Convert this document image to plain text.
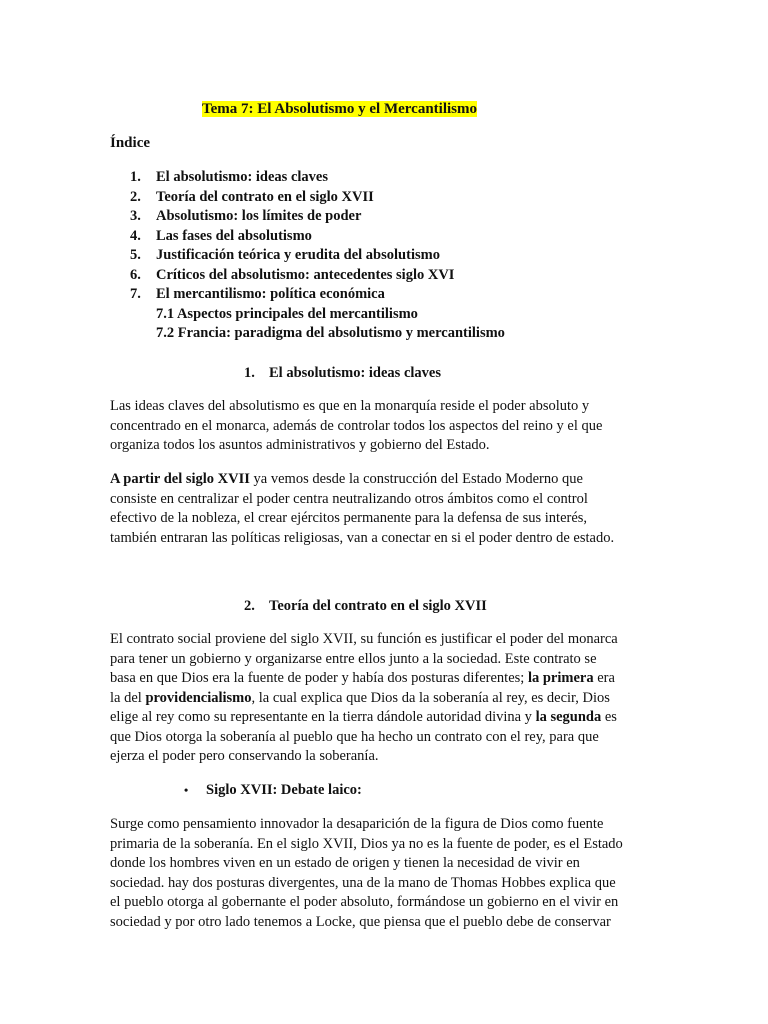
Tema 7: El Absolutismo y el Mercantilismo
Índice
1.	El absolutismo: ideas claves
2.	Teoría del contrato en el siglo XVII
3.	Absolutismo: los límites de poder
4.	Las fases del absolutismo
5.	Justificación teórica y erudita del absolutismo
6.	Críticos del absolutismo: antecedentes siglo XVI
7.	El mercantilismo: política económica
7.1 Aspectos principales del mercantilismo
7.2 Francia: paradigma del absolutismo y mercantilismo
1. El absolutismo: ideas claves

Las ideas claves del absolutismo es que en la monarquía reside el poder absoluto y
concentrado en el monarca, además de controlar todos los aspectos del reino y el que
organiza todos los asuntos administrativos y gobierno del Estado.

A partir del siglo XVII ya vemos desde la construcción del Estado Moderno que
consiste en centralizar el poder centra neutralizando otros ámbitos como el control
efectivo de la nobleza, el crear ejércitos permanente para la defensa de sus interés,
también entraran las políticas religiosas, van a conectar en si el poder dentro de estado.

2. Teoría del contrato en el siglo XVII

El contrato social proviene del siglo XVII, su función es justificar el poder del monarca
para tener un gobierno y organizarse entre ellos junto a la sociedad. Este contrato se
basa en que Dios era la fuente de poder y había dos posturas diferentes; la primera era
la del providencialismo, la cual explica que Dios da la soberanía al rey, es decir, Dios
elige al rey como su representante en la tierra dándole autoridad divina y la segunda es
que Dios otorga la soberanía al pueblo que ha hecho un contrato con el rey, para que
ejerza el poder pero conservando la soberanía.

• Siglo XVII: Debate laico:

Surge como pensamiento innovador la desaparición de la figura de Dios como fuente
primaria de la soberanía. En el siglo XVII, Dios ya no es la fuente de poder, es el Estado
donde los hombres viven en un estado de origen y tienen la necesidad de vivir en
sociedad. hay dos posturas divergentes, una de la mano de Thomas Hobbes explica que
el pueblo otorga al gobernante el poder absoluto, formándose un gobierno en el vivir en
sociedad y por otro lado tenemos a Locke, que piensa que el pueblo debe de conservar
